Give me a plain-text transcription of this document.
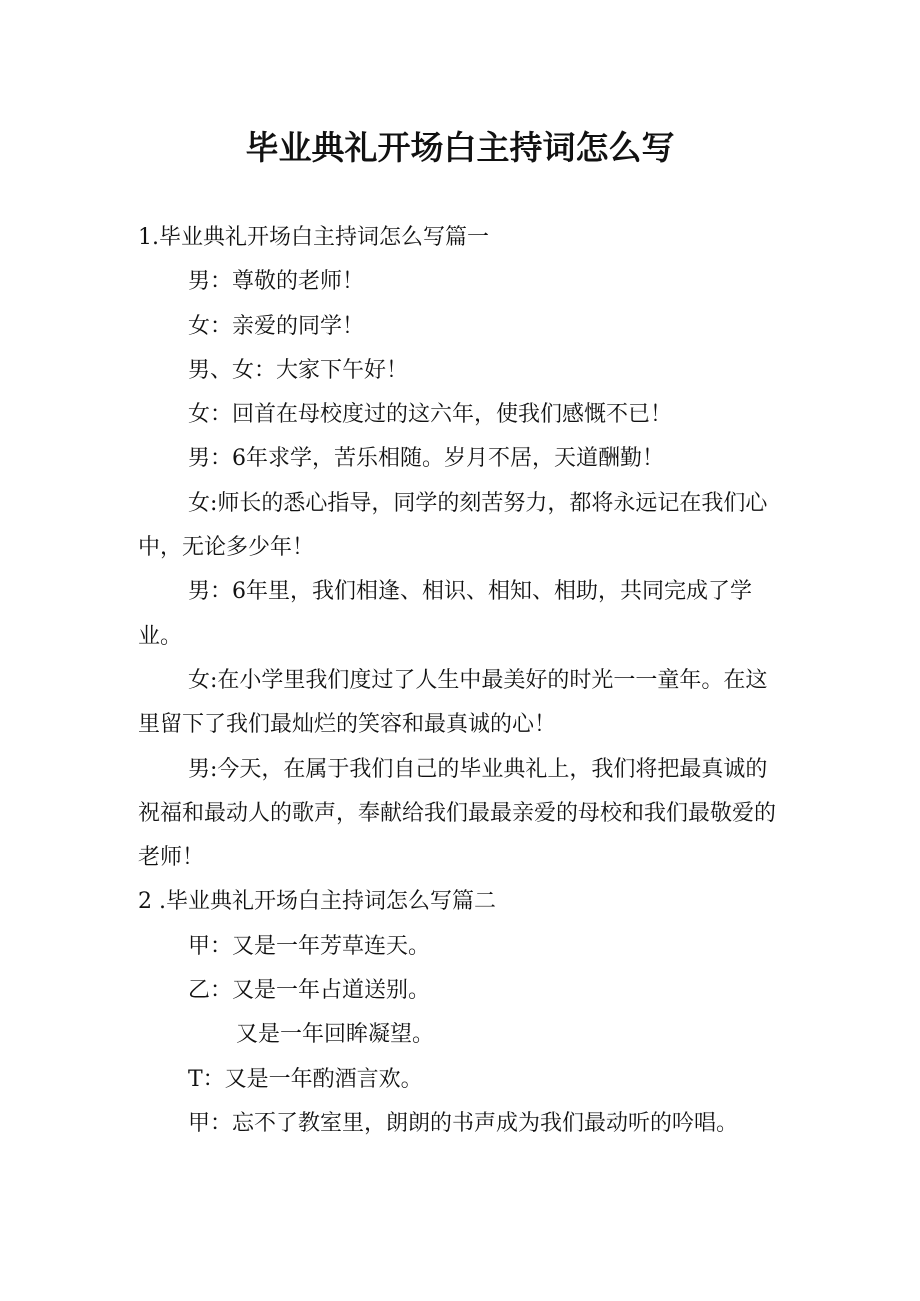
毕业典礼开场白主持词怎么写

1.毕业典礼开场白主持词怎么写篇一

男：尊敬的老师！

女：亲爱的同学！

男、女：大家下午好！

女：回首在母校度过的这六年，使我们感慨不已！

男：6年求学，苦乐相随。岁月不居，天道酬勤！

女:师长的悉心指导，同学的刻苦努力，都将永远记在我们心中，无论多少年！

男：6年里，我们相逢、相识、相知、相助，共同完成了学业。

女:在小学里我们度过了人生中最美好的时光一一童年。在这里留下了我们最灿烂的笑容和最真诚的心！

男:今天，在属于我们自己的毕业典礼上，我们将把最真诚的祝福和最动人的歌声，奉献给我们最最亲爱的母校和我们最敬爱的老师！

2 .毕业典礼开场白主持词怎么写篇二

甲：又是一年芳草连天。

乙：又是一年占道送别。

又是一年回眸凝望。

T：又是一年酌酒言欢。

甲：忘不了教室里，朗朗的书声成为我们最动听的吟唱。
